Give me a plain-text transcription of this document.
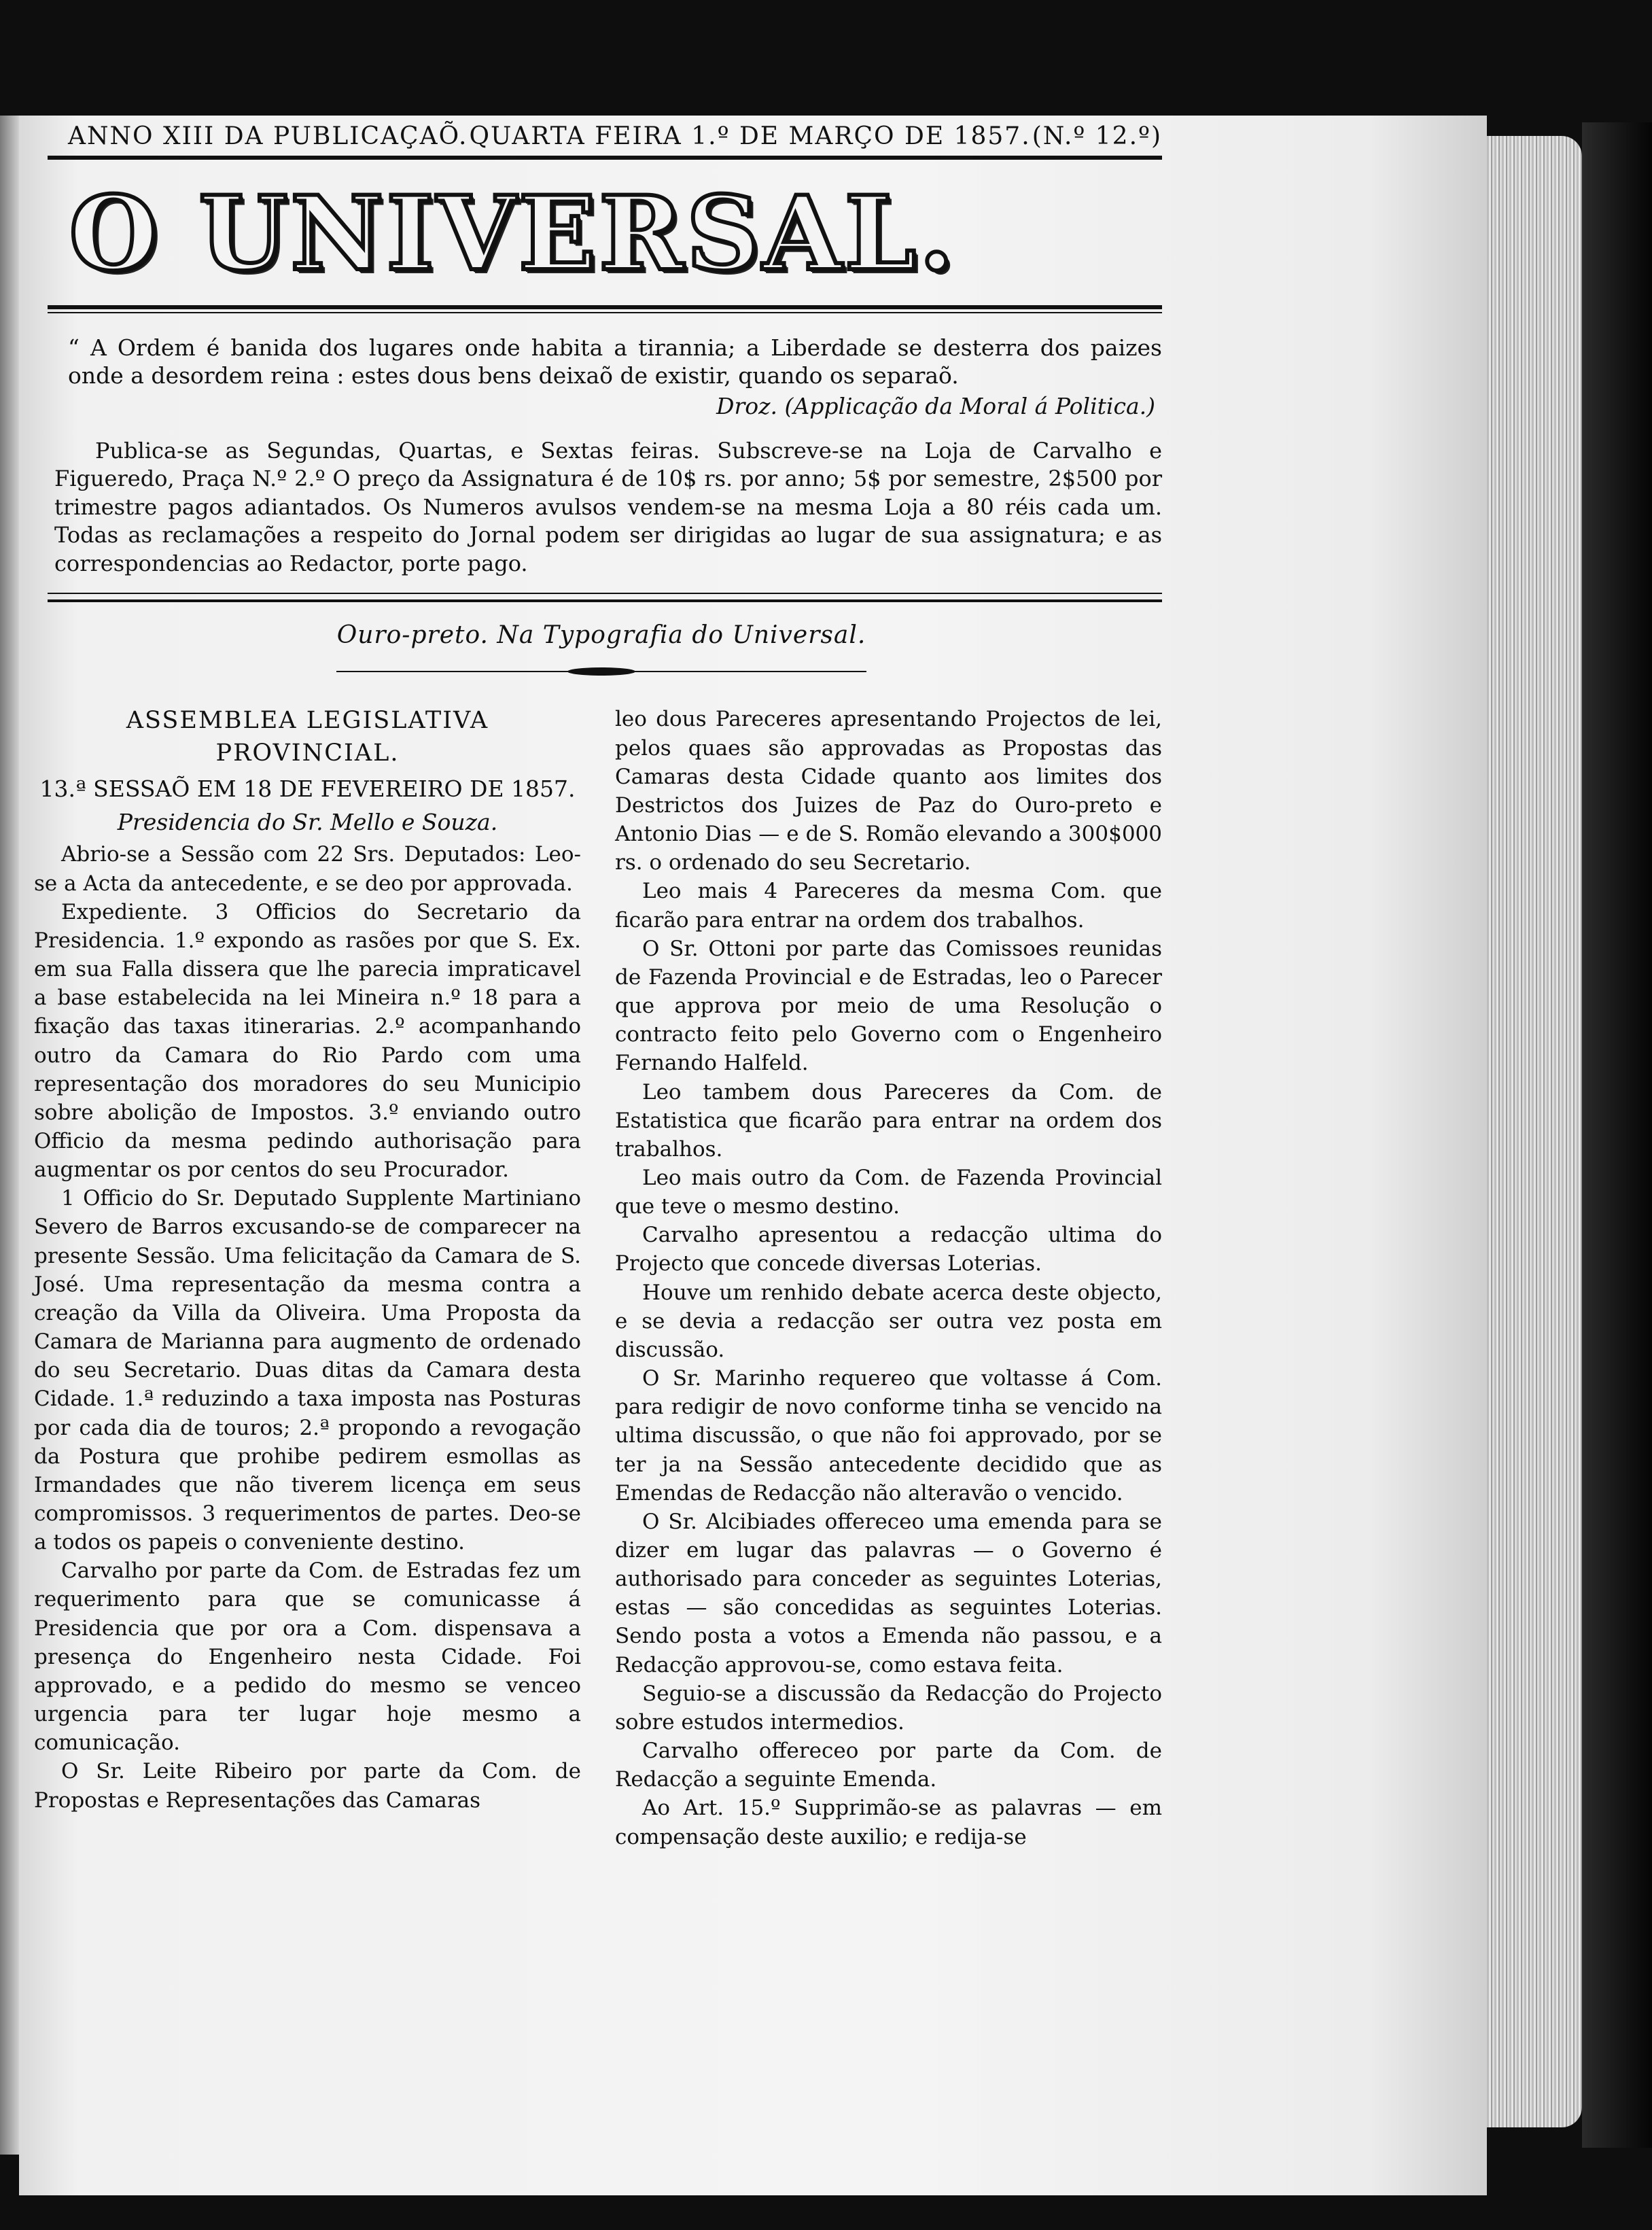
ANNO XIII DA PUBLICAÇAÕ. QUARTA FEIRA 1.º DE MARÇO DE 1857. (N.º 12.º)
O UNIVERSAL.
“ A Ordem é banida dos lugares onde habita a tirannia; a Liberdade se desterra dos paizes onde a desordem reina : estes dous bens deixaõ de existir, quando os separaõ.
Droz. (Applicação da Moral á Politica.)
Publica-se as Segundas, Quartas, e Sextas feiras. Subscreve-se na Loja de Carvalho e Figueredo, Praça N.º 2.º O preço da Assignatura é de 10$ rs. por anno; 5$ por semestre, 2$500 por trimestre pagos adiantados. Os Numeros avulsos vendem-se na mesma Loja a 80 réis cada um. Todas as reclamações a respeito do Jornal podem ser dirigidas ao lugar de sua assignatura; e as correspondencias ao Redactor, porte pago.
Ouro-preto. Na Typografia do Universal.
ASSEMBLEA LEGISLATIVA PROVINCIAL.
13.ª SESSAÕ EM 18 DE FEVEREIRO DE 1857.
Presidencia do Sr. Mello e Souza.

Abrio-se a Sessão com 22 Srs. Deputados: Leo-se a Acta da antecedente, e se deo por approvada.

Expediente. 3 Officios do Secretario da Presidencia. 1.º expondo as rasões por que S. Ex. em sua Falla dissera que lhe parecia impraticavel a base estabelecida na lei Mineira n.º 18 para a fixação das taxas itinerarias. 2.º acompanhando outro da Camara do Rio Pardo com uma representação dos moradores do seu Municipio sobre abolição de Impostos. 3.º enviando outro Officio da mesma pedindo authorisação para augmentar os por centos do seu Procurador.

1 Officio do Sr. Deputado Supplente Martiniano Severo de Barros excusando-se de comparecer na presente Sessão. Uma felicitação da Camara de S. José. Uma representação da mesma contra a creação da Villa da Oliveira. Uma Proposta da Camara de Marianna para augmento de ordenado do seu Secretario. Duas ditas da Camara desta Cidade. 1.ª reduzindo a taxa imposta nas Posturas por cada dia de touros; 2.ª propondo a revogação da Postura que prohibe pedirem esmollas as Irmandades que não tiverem licença em seus compromissos. 3 requerimentos de partes. Deo-se a todos os papeis o conveniente destino.

Carvalho por parte da Com. de Estradas fez um requerimento para que se comunicasse á Presidencia que por ora a Com. dispensava a presença do Engenheiro nesta Cidade. Foi approvado, e a pedido do mesmo se venceo urgencia para ter lugar hoje mesmo a comunicação.

O Sr. Leite Ribeiro por parte da Com. de Propostas e Representações das Camaras

leo dous Pareceres apresentando Projectos de lei, pelos quaes são approvadas as Propostas das Camaras desta Cidade quanto aos limites dos Destrictos dos Juizes de Paz do Ouro-preto e Antonio Dias — e de S. Romão elevando a 300$000 rs. o ordenado do seu Secretario.

Leo mais 4 Pareceres da mesma Com. que ficarão para entrar na ordem dos trabalhos.

O Sr. Ottoni por parte das Comissoes reunidas de Fazenda Provincial e de Estradas, leo o Parecer que approva por meio de uma Resolução o contracto feito pelo Governo com o Engenheiro Fernando Halfeld.

Leo tambem dous Pareceres da Com. de Estatistica que ficarão para entrar na ordem dos trabalhos.

Leo mais outro da Com. de Fazenda Provincial que teve o mesmo destino.

Carvalho apresentou a redacção ultima do Projecto que concede diversas Loterias.

Houve um renhido debate acerca deste objecto, e se devia a redacção ser outra vez posta em discussão.

O Sr. Marinho requereo que voltasse á Com. para redigir de novo conforme tinha se vencido na ultima discussão, o que não foi approvado, por se ter ja na Sessão antecedente decidido que as Emendas de Redacção não alteravão o vencido.

O Sr. Alcibiades offereceo uma emenda para se dizer em lugar das palavras — o Governo é authorisado para conceder as seguintes Loterias, estas — são concedidas as seguintes Loterias. Sendo posta a votos a Emenda não passou, e a Redacção approvou-se, como estava feita.

Seguio-se a discussão da Redacção do Projecto sobre estudos intermedios.

Carvalho offereceo por parte da Com. de Redacção a seguinte Emenda.

Ao Art. 15.º Supprimão-se as palavras — em compensação deste auxilio; e redija-se
